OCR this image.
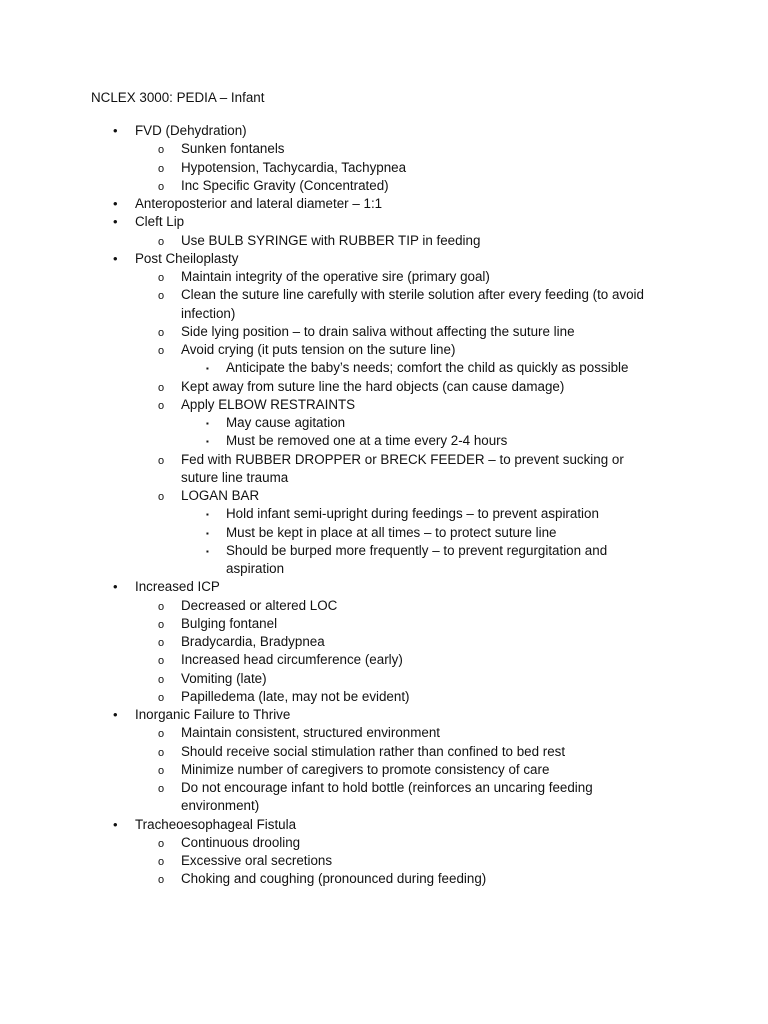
NCLEX 3000: PEDIA – Infant
• FVD (Dehydration)
o Sunken fontanels
o Hypotension, Tachycardia, Tachypnea
o Inc Specific Gravity (Concentrated)
• Anteroposterior and lateral diameter – 1:1
• Cleft Lip
o Use BULB SYRINGE with RUBBER TIP in feeding
• Post Cheiloplasty
o Maintain integrity of the operative sire (primary goal)
o Clean the suture line carefully with sterile solution after every feeding (to avoid
infection)
o Side lying position – to drain saliva without affecting the suture line
o Avoid crying (it puts tension on the suture line)
▪ Anticipate the baby’s needs; comfort the child as quickly as possible
o Kept away from suture line the hard objects (can cause damage)
o Apply ELBOW RESTRAINTS
▪ May cause agitation
▪ Must be removed one at a time every 2-4 hours
o Fed with RUBBER DROPPER or BRECK FEEDER – to prevent sucking or
suture line trauma
o LOGAN BAR
▪ Hold infant semi-upright during feedings – to prevent aspiration
▪ Must be kept in place at all times – to protect suture line
▪ Should be burped more frequently – to prevent regurgitation and
aspiration
• Increased ICP
o Decreased or altered LOC
o Bulging fontanel
o Bradycardia, Bradypnea
o Increased head circumference (early)
o Vomiting (late)
o Papilledema (late, may not be evident)
• Inorganic Failure to Thrive
o Maintain consistent, structured environment
o Should receive social stimulation rather than confined to bed rest
o Minimize number of caregivers to promote consistency of care
o Do not encourage infant to hold bottle (reinforces an uncaring feeding
environment)
• Tracheoesophageal Fistula
o Continuous drooling
o Excessive oral secretions
o Choking and coughing (pronounced during feeding)
